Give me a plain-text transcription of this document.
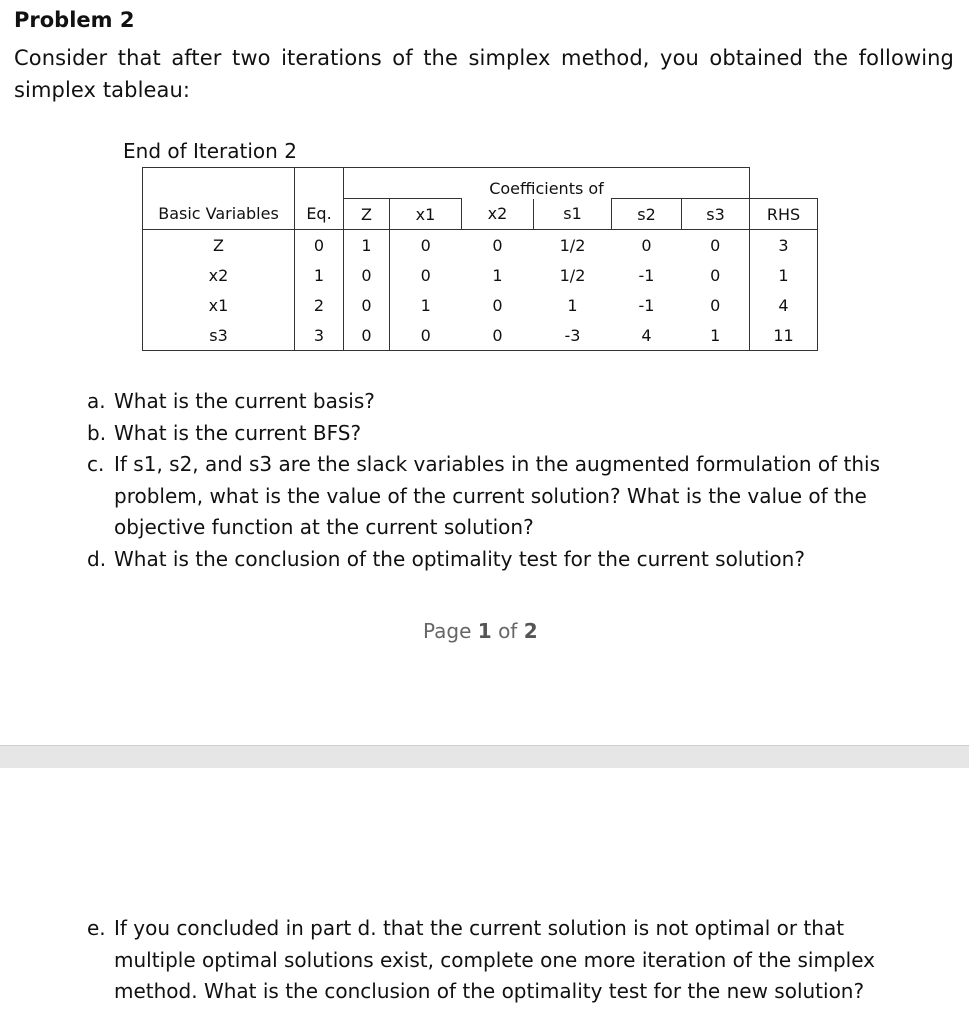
Problem 2
Consider that after two iterations of the simplex method, you obtained the following simplex tableau:
End of Iteration 2
		Coefficients of						
Basic Variables	Eq.	Z	x1	x2	s1	s2	s3	RHS
Z	0	1	0	0	1/2	0	0	3
x2	1	0	0	1	1/2	-1	0	1
x1	2	0	1	0	1	-1	0	4
s3	3	0	0	0	-3	4	1	11
a. What is the current basis?
b. What is the current BFS?
c. If s1, s2, and s3 are the slack variables in the augmented formulation of this problem, what is the value of the current solution? What is the value of the objective function at the current solution?
d. What is the conclusion of the optimality test for the current solution?
Page 1 of 2
e. If you concluded in part d. that the current solution is not optimal or that multiple optimal solutions exist, complete one more iteration of the simplex method. What is the conclusion of the optimality test for the new solution?
